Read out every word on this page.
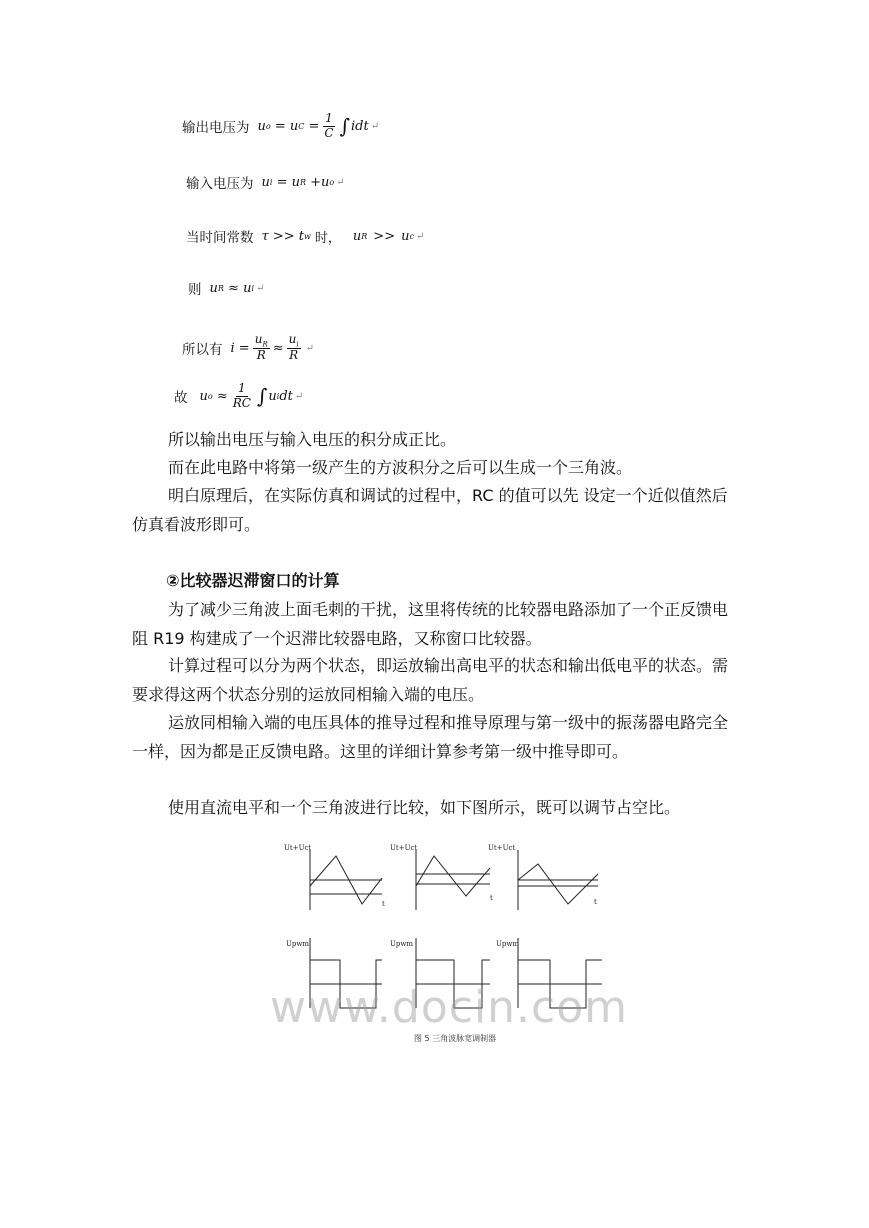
输出电压为 u o = u $C = \frac{1}{C}$ ∫ idt ↵
输入电压为 u i = u R + u o ↵
当时间常数 τ
>>
t w 时， u R >> u c ↵
则 u R
≈
u i ↵
所以有 $i = \frac{u_R}{R} \approx \frac{u_i}{R}$ ↵
故 u $o \approx \frac{1}{RC}$ ∫ u i dt ↵

所以输出电压与输入电压的积分成正比。

而在此电路中将第一级产生的方波积分之后可以生成一个三角波。

明白原理后，在实际仿真和调试的过程中，RC 的值可以先 设定一个近似值然后仿真看波形即可。

②比较器迟滞窗口的计算

为了减少三角波上面毛刺的干扰，这里将传统的比较器电路添加了一个正反馈电阻 R19 构建成了一个迟滞比较器电路，又称窗口比较器。

计算过程可以分为两个状态，即运放输出高电平的状态和输出低电平的状态。需要求得这两个状态分别的运放同相输入端的电压。

运放同相输入端的电压具体的推导过程和推导原理与第一级中的振荡器电路完全一样，因为都是正反馈电路。这里的详细计算参考第一级中推导即可。

使用直流电平和一个三角波进行比较，如下图所示，既可以调节占空比。

Ut+Uct	Ut+Uct	Ut+Uct
t
t	t
Upwm	Upwm	Upwm
www.docin.com
图 5 三角波脉宽调制器
